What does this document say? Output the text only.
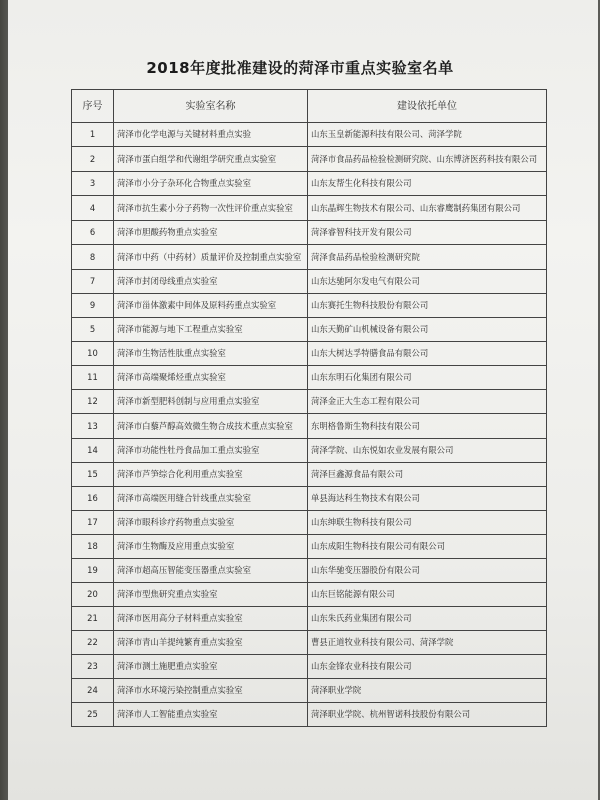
2018年度批准建设的菏泽市重点实验室名单
序号	实验室名称	建设依托单位
1	菏泽市化学电源与关键材料重点实验	山东玉皇新能源科技有限公司、菏泽学院
2	菏泽市蛋白组学和代谢组学研究重点实验室	菏泽市食品药品检验检测研究院、山东博济医药科技有限公司
3	菏泽市小分子杂环化合物重点实验室	山东友帮生化科技有限公司
4	菏泽市抗生素小分子药物一次性评价重点实验室	山东晶辉生物技术有限公司、山东睿鹰制药集团有限公司
6	菏泽市胆酸药物重点实验室	菏泽睿智科技开发有限公司
8	菏泽市中药（中药材）质量评价及控制重点实验室	菏泽食品药品检验检测研究院
7	菏泽市封闭母线重点实验室	山东达驰阿尔发电气有限公司
9	菏泽市甾体激素中间体及原料药重点实验室	山东赛托生物科技股份有限公司
5	菏泽市能源与地下工程重点实验室	山东天勤矿山机械设备有限公司
10	菏泽市生物活性肽重点实验室	山东大树达孚特膳食品有限公司
11	菏泽市高端聚烯烃重点实验室	山东东明石化集团有限公司
12	菏泽市新型肥料创制与应用重点实验室	菏泽金正大生态工程有限公司
13	菏泽市白藜芦醇高效微生物合成技术重点实验室	东明格鲁斯生物科技有限公司
14	菏泽市功能性牡丹食品加工重点实验室	菏泽学院、山东悦如农业发展有限公司
15	菏泽市芦笋综合化利用重点实验室	菏泽巨鑫源食品有限公司
16	菏泽市高端医用缝合针线重点实验室	单县海达科生物技术有限公司
17	菏泽市眼科诊疗药物重点实验室	山东绅联生物科技有限公司
18	菏泽市生物酶及应用重点实验室	山东成阳生物科技有限公司有限公司
19	菏泽市超高压智能变压器重点实验室	山东华驰变压器股份有限公司
20	菏泽市型焦研究重点实验室	山东巨铭能源有限公司
21	菏泽市医用高分子材料重点实验室	山东朱氏药业集团有限公司
22	菏泽市青山羊提纯繁育重点实验室	曹县正道牧业科技有限公司、菏泽学院
23	菏泽市测土施肥重点实验室	山东金锋农业科技有限公司
24	菏泽市水环境污染控制重点实验室	菏泽职业学院
25	菏泽市人工智能重点实验室	菏泽职业学院、杭州智诺科技股份有限公司
